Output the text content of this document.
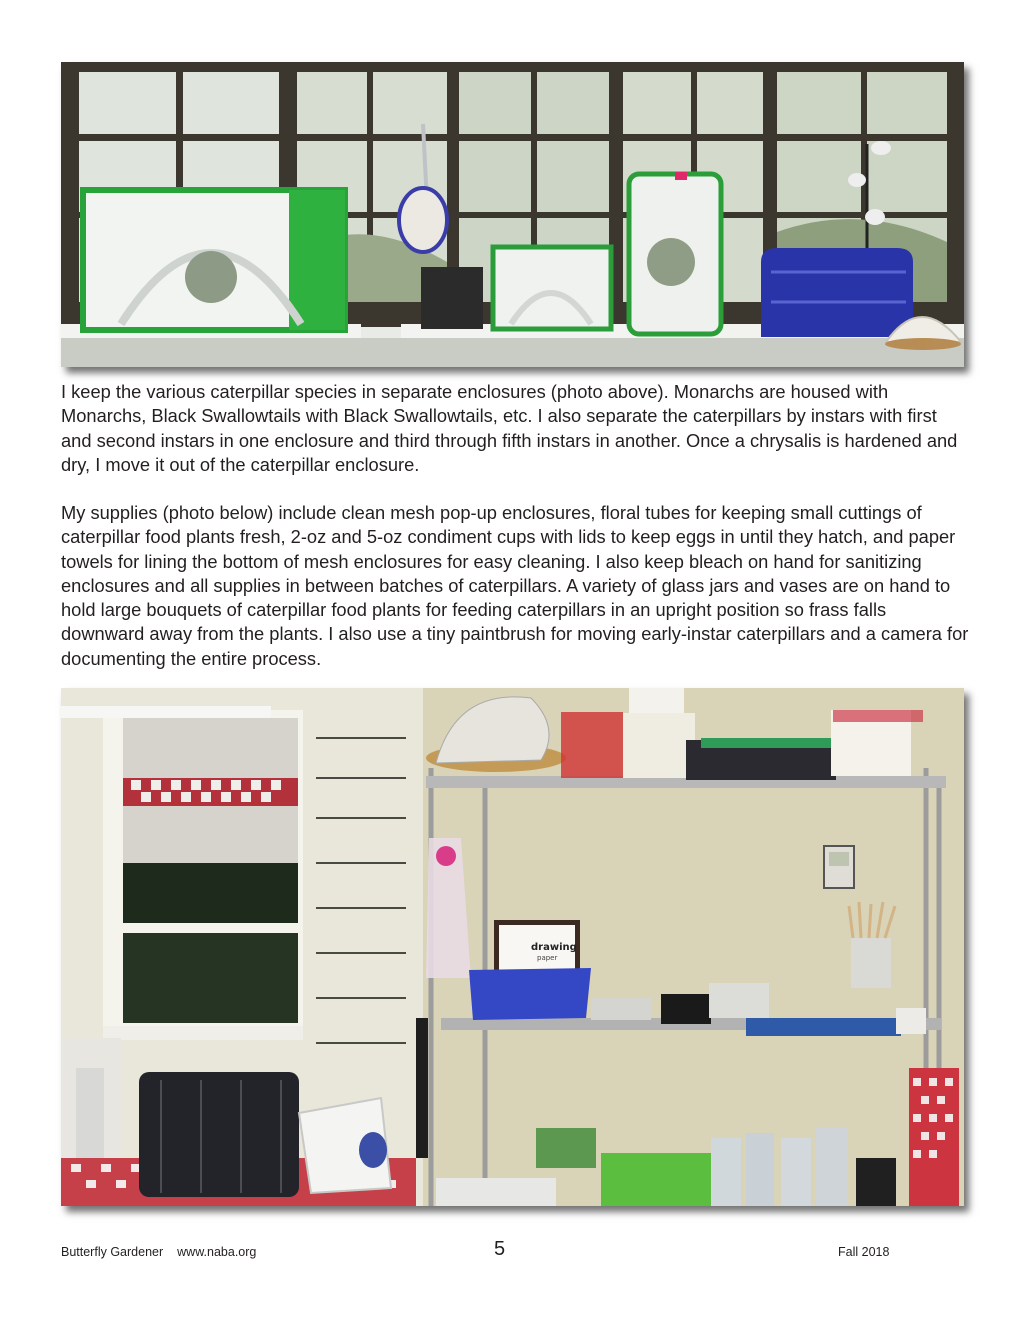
I keep the various caterpillar species in separate enclosures (photo above). Monarchs are housed with Monarchs, Black Swallowtails with Black Swallowtails, etc. I also separate the caterpillars by instars with first and second instars in one enclosure and third through fifth instars in another. Once a chrysalis is hardened and dry, I move it out of the caterpillar enclosure.

My supplies (photo below) include clean mesh pop-up enclosures, floral tubes for keeping small cuttings of caterpillar food plants fresh, 2-oz and 5-oz condiment cups with lids to keep eggs in until they hatch, and paper towels for lining the bottom of mesh enclosures for easy cleaning. I also keep bleach on hand for sanitizing enclosures and all supplies in between batches of caterpillars. A variety of glass jars and vases are on hand to hold large bouquets of caterpillar food plants for feeding caterpillars in an upright position so frass falls downward away from the plants. I also use a tiny paintbrush for moving early-instar caterpillars and a camera for documenting the entire process.

drawing
paper
Butterfly Gardener www.naba.org	5	Fall 2018
